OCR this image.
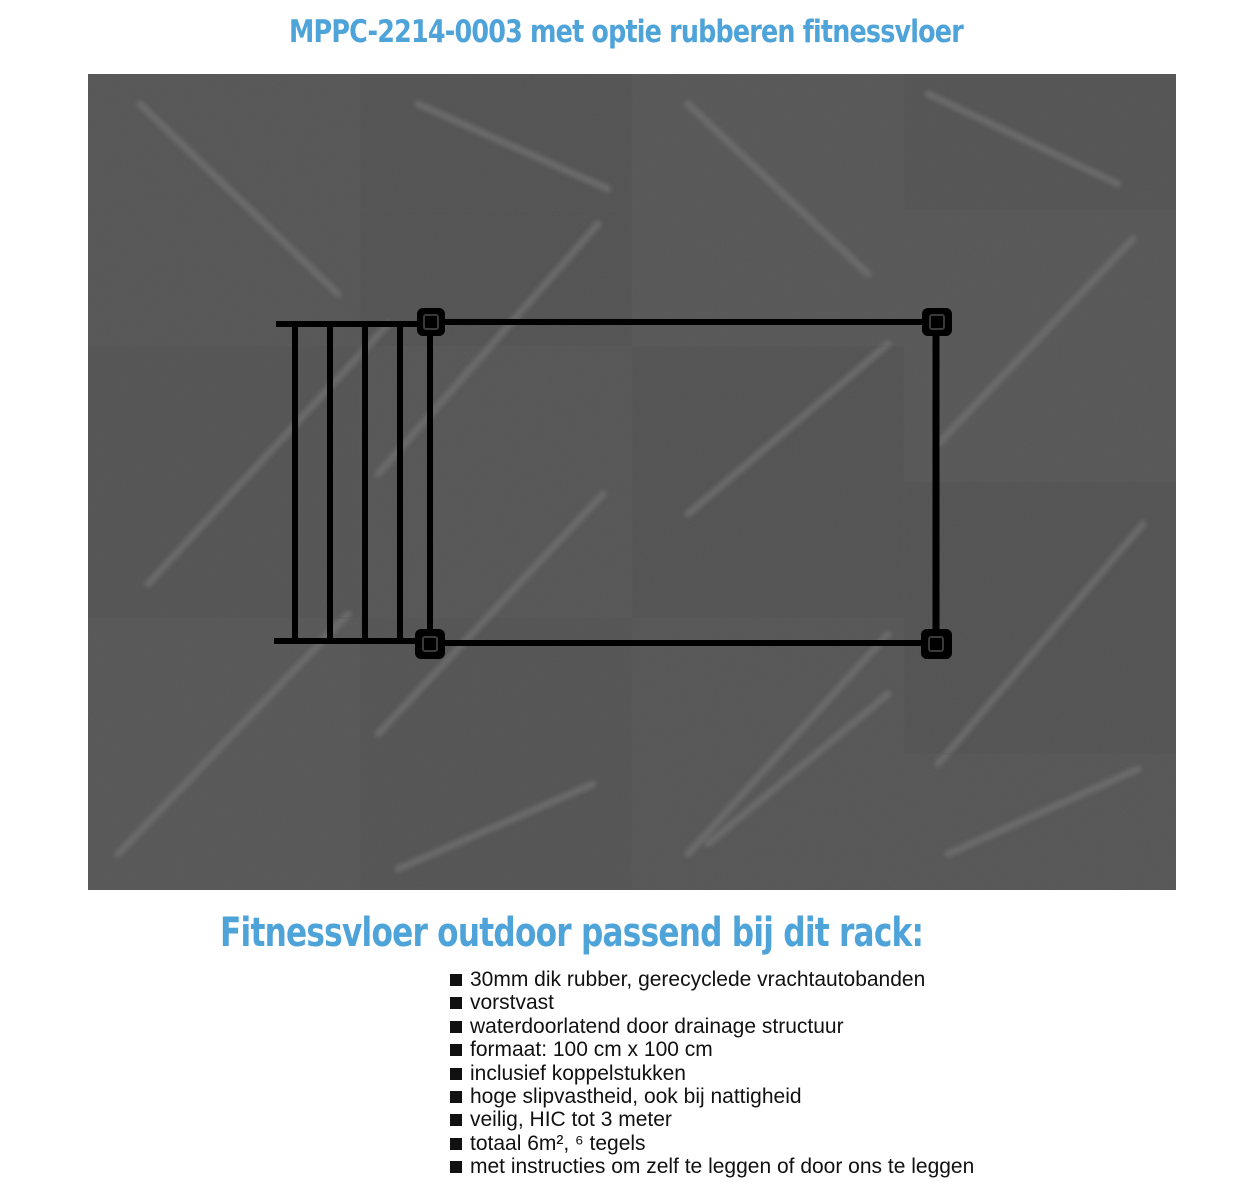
MPPC-2214-0003 met optie rubberen fitnessvloer
Fitnessvloer outdoor passend bij dit rack:
30mm dik rubber, gerecyclede vrachtautobanden
vorstvast
waterdoorlatend door drainage structuur
formaat: 100 cm x 100 cm
inclusief koppelstukken
hoge slipvastheid, ook bij nattigheid
veilig, HIC tot 3 meter
totaal 6m², ⁶ tegels
met instructies om zelf te leggen of door ons te leggen
